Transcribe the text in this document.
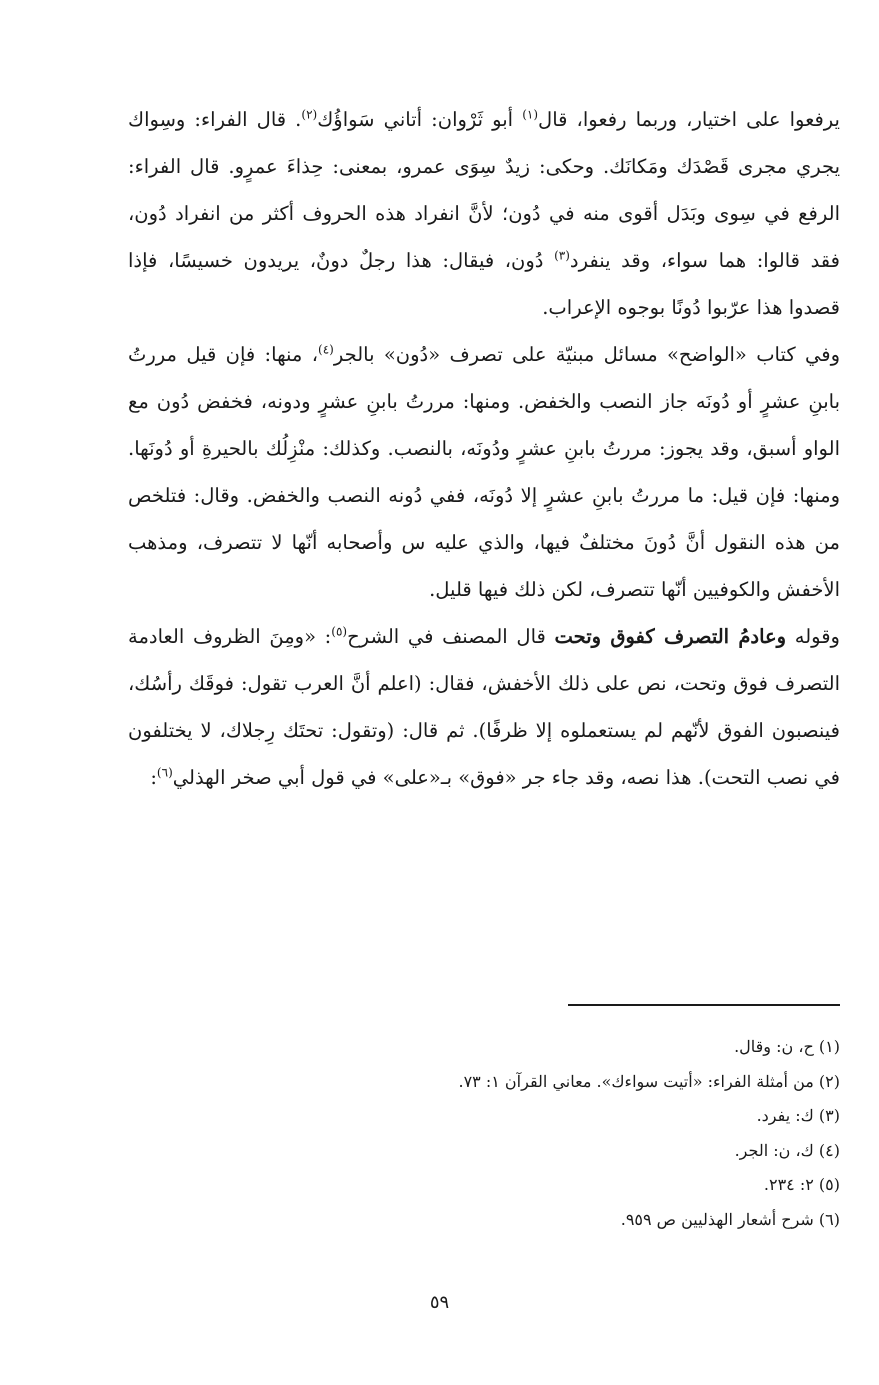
يرفعوا على اختيار، وربما رفعوا، قال$^{(١)}$ أبو ثَرْوان: أتاني سَواؤُك$^{(٢)}$. قال الفراء: وسِواك يجري مجرى قَصْدَك ومَكانَك. وحكى: زيدٌ سِوَى عمرو، بمعنى: حِذاءَ عمرٍو. قال الفراء: الرفع في سِوى وبَدَل أقوى منه في دُون؛ لأنَّ انفراد هذه الحروف أكثر من انفراد دُون، فقد قالوا: هما سواء، وقد ينفرد$^{(٣)}$ دُون، فيقال: هذا رجلٌ دونٌ، يريدون خسيسًا، فإذا قصدوا هذا عرّبوا دُونًا بوجوه الإعراب.

وفي كتاب «الواضح» مسائل مبنيّة على تصرف «دُون» بالجر$^{(٤)}$، منها: فإن قيل مررتُ بابنِ عشرٍ أو دُونَه جاز النصب والخفض. ومنها: مررتُ بابنِ عشرٍ ودونه، فخفض دُون مع الواو أسبق، وقد يجوز: مررتُ بابنِ عشرٍ ودُونَه، بالنصب. وكذلك: منْزِلُك بالحيرةِ أو دُونَها. ومنها: فإن قيل: ما مررتُ بابنِ عشرٍ إلا دُونَه، ففي دُونه النصب والخفض. وقال: فتلخص من هذه النقول أنَّ دُونَ مختلفٌ فيها، والذي عليه س وأصحابه أنّها لا تتصرف، ومذهب الأخفش والكوفيين أنّها تتصرف، لكن ذلك فيها قليل.

وقوله وعادمُ التصرف كفوق وتحت قال المصنف في الشرح$^{(٥)}$: «ومِنَ الظروف العادمة التصرف فوق وتحت، نص على ذلك الأخفش، فقال: (اعلم أنَّ العرب تقول: فوقَك رأسُك، فينصبون الفوق لأنّهم لم يستعملوه إلا ظرفًا). ثم قال: (وتقول: تحتَك رِجلاك، لا يختلفون في نصب التحت). هذا نصه، وقد جاء جر «فوق» بـ«على» في قول أبي صخر الهذلي$^{(٦)}$:

(١) ح، ن: وقال.
(٢) من أمثلة الفراء: «أتيت سواءك». معاني القرآن ١: ٧٣.
(٣) ك: يفرد.
(٤) ك، ن: الجر.
(٥) ٢: ٢٣٤.
(٦) شرح أشعار الهذليين ص ٩٥٩.
٥٩
